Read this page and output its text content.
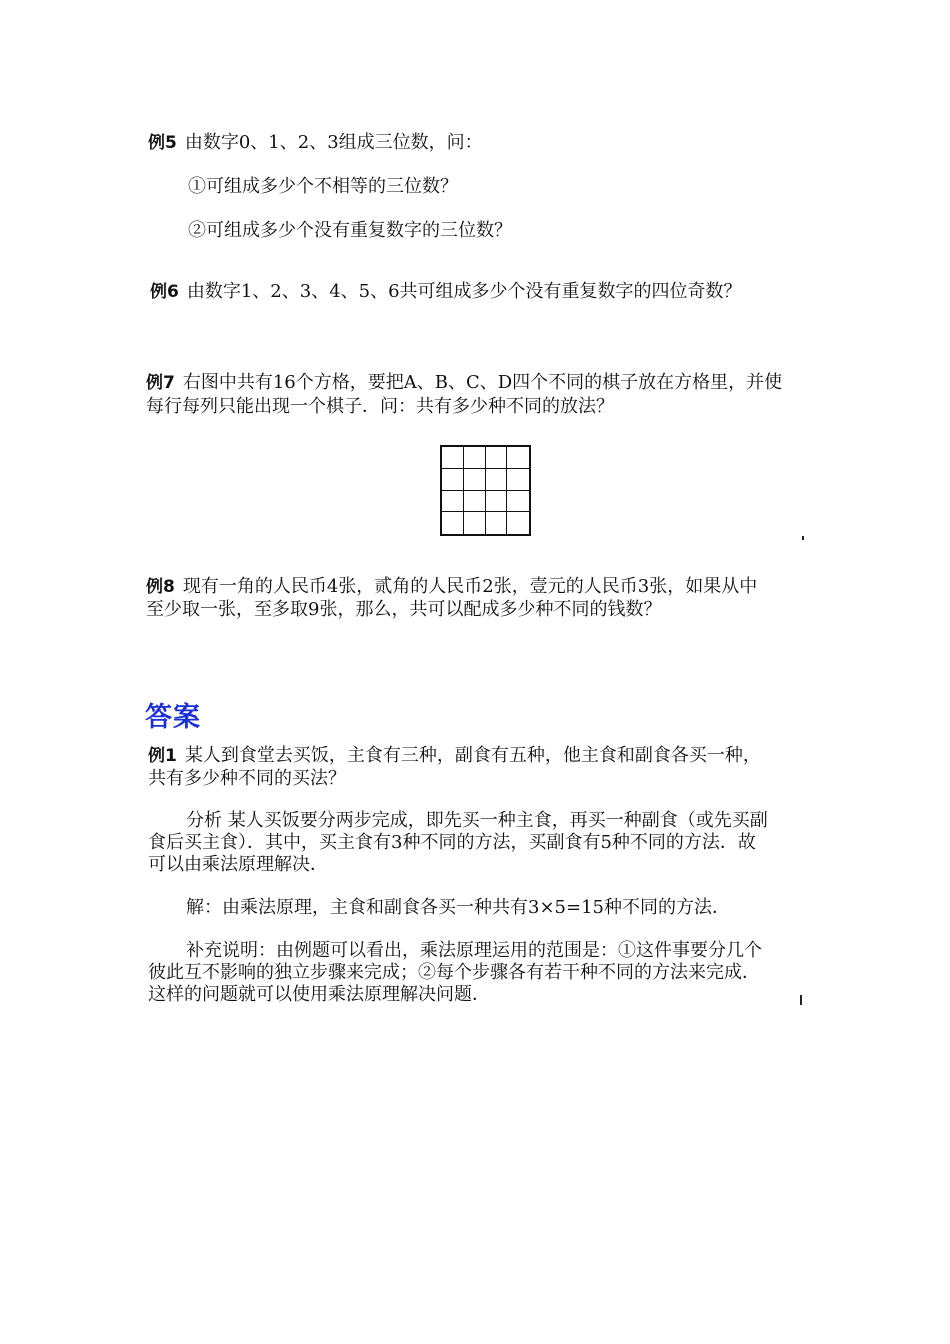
例5 由数字0、1、2、3组成三位数，问：
①可组成多少个不相等的三位数？
②可组成多少个没有重复数字的三位数？
例6 由数字1、2、3、4、5、6共可组成多少个没有重复数字的四位奇数？
例7 右图中共有16个方格，要把A、B、C、D四个不同的棋子放在方格里，并使
每行每列只能出现一个棋子．问：共有多少种不同的放法？
例8 现有一角的人民币4张，贰角的人民币2张，壹元的人民币3张，如果从中
至少取一张，至多取9张，那么，共可以配成多少种不同的钱数？
答案
例1 某人到食堂去买饭，主食有三种，副食有五种，他主食和副食各买一种，
共有多少种不同的买法？
分析 某人买饭要分两步完成，即先买一种主食，再买一种副食（或先买副
食后买主食）．其中，买主食有3种不同的方法，买副食有5种不同的方法．故
可以由乘法原理解决．
解：由乘法原理，主食和副食各买一种共有3×5=15种不同的方法．
补充说明：由例题可以看出，乘法原理运用的范围是：①这件事要分几个
彼此互不影响的独立步骤来完成；②每个步骤各有若干种不同的方法来完成．
这样的问题就可以使用乘法原理解决问题．
